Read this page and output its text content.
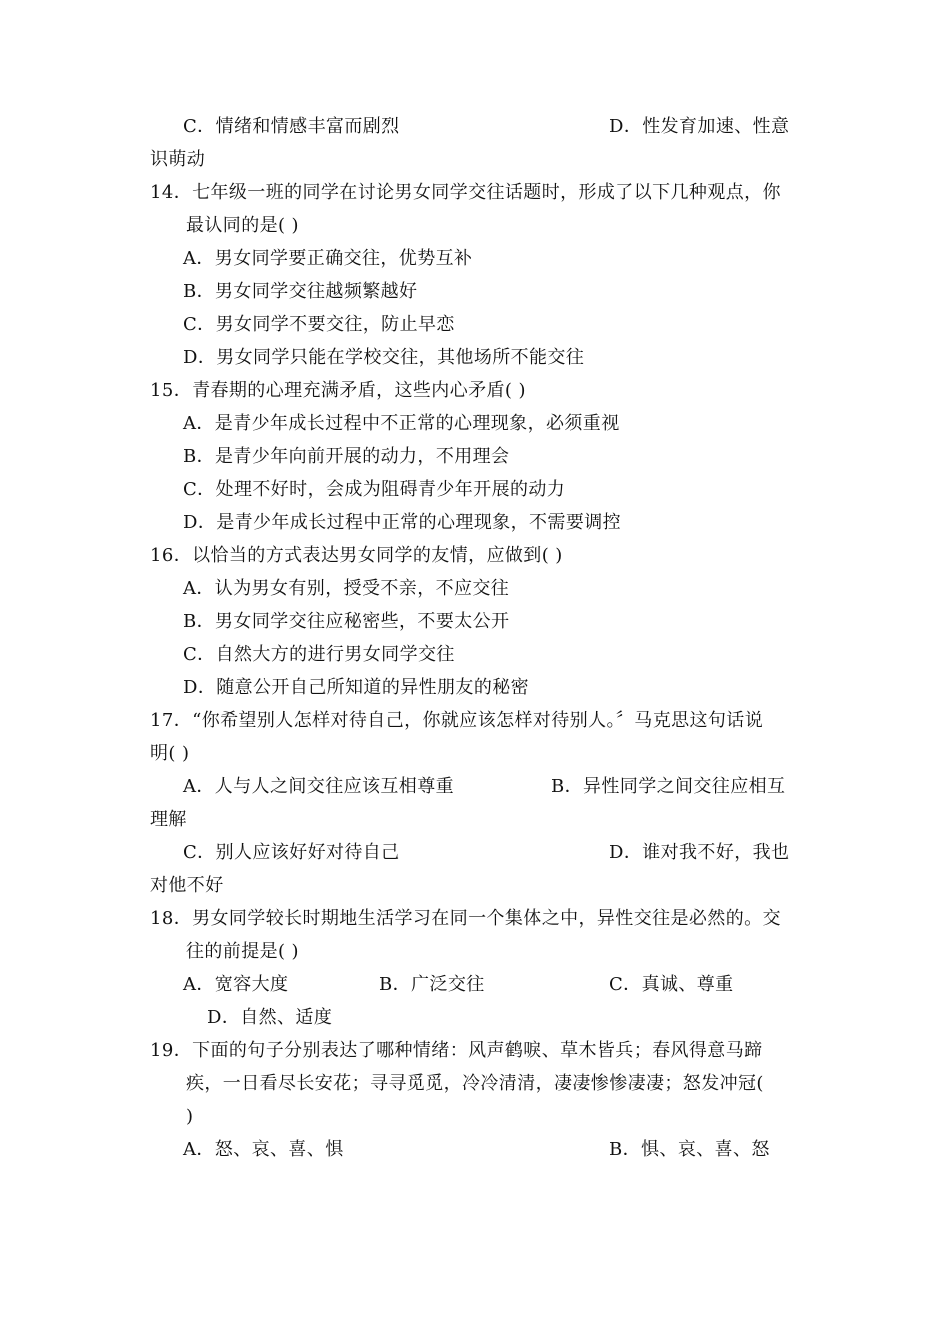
C．情绪和情感丰富而剧烈	D．性发育加速、性意
识萌动
14．七年级一班的同学在讨论男女同学交往话题时，形成了以下几种观点，你
最认同的是( )
A．男女同学要正确交往，优势互补
B．男女同学交往越频繁越好
C．男女同学不要交往，防止早恋
D．男女同学只能在学校交往，其他场所不能交往
15．青春期的心理充满矛盾，这些内心矛盾( )
A．是青少年成长过程中不正常的心理现象，必须重视
B．是青少年向前开展的动力，不用理会
C．处理不好时，会成为阻碍青少年开展的动力
D．是青少年成长过程中正常的心理现象，不需要调控
16．以恰当的方式表达男女同学的友情，应做到( )
A．认为男女有别，授受不亲，不应交往
B．男女同学交往应秘密些，不要太公开
C．自然大方的进行男女同学交往
D．随意公开自己所知道的异性朋友的秘密
17．“你希望别人怎样对待自己，你就应该怎样对待别人。〞马克思这句话说
明( )
A．人与人之间交往应该互相尊重	B．异性同学之间交往应相互
理解
C．别人应该好好对待自己	D．谁对我不好，我也
对他不好
18．男女同学较长时期地生活学习在同一个集体之中，异性交往是必然的。交
往的前提是( )
A．宽容大度	B．广泛交往	C．真诚、尊重
D．自然、适度
19．下面的句子分别表达了哪种情绪：风声鹤唳、草木皆兵；春风得意马蹄
疾，一日看尽长安花；寻寻觅觅，冷冷清清，凄凄惨惨凄凄；怒发冲冠(
)
A．怒、哀、喜、惧	B．惧、哀、喜、怒
